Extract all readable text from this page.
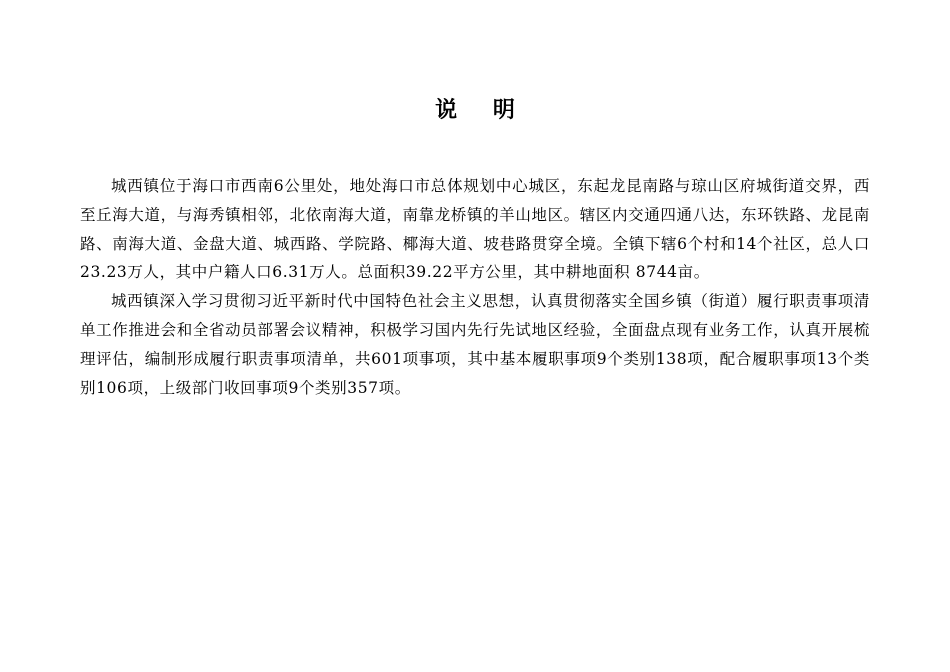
说 明

城西镇位于海口市西南6公里处，地处海口市总体规划中心城区，东起龙昆南路与琼山区府城街道交界，西至丘海大道，与海秀镇相邻，北依南海大道，南靠龙桥镇的羊山地区。辖区内交通四通八达，东环铁路、龙昆南路、南海大道、金盘大道、城西路、学院路、椰海大道、坡巷路贯穿全境。全镇下辖6个村和14个社区，总人口23.23万人，其中户籍人口6.31万人。总面积39.22平方公里，其中耕地面积 8744亩。

城西镇深入学习贯彻习近平新时代中国特色社会主义思想，认真贯彻落实全国乡镇（街道）履行职责事项清单工作推进会和全省动员部署会议精神，积极学习国内先行先试地区经验，全面盘点现有业务工作，认真开展梳理评估，编制形成履行职责事项清单，共601项事项，其中基本履职事项9个类别138项，配合履职事项13个类别106项，上级部门收回事项9个类别357项。
